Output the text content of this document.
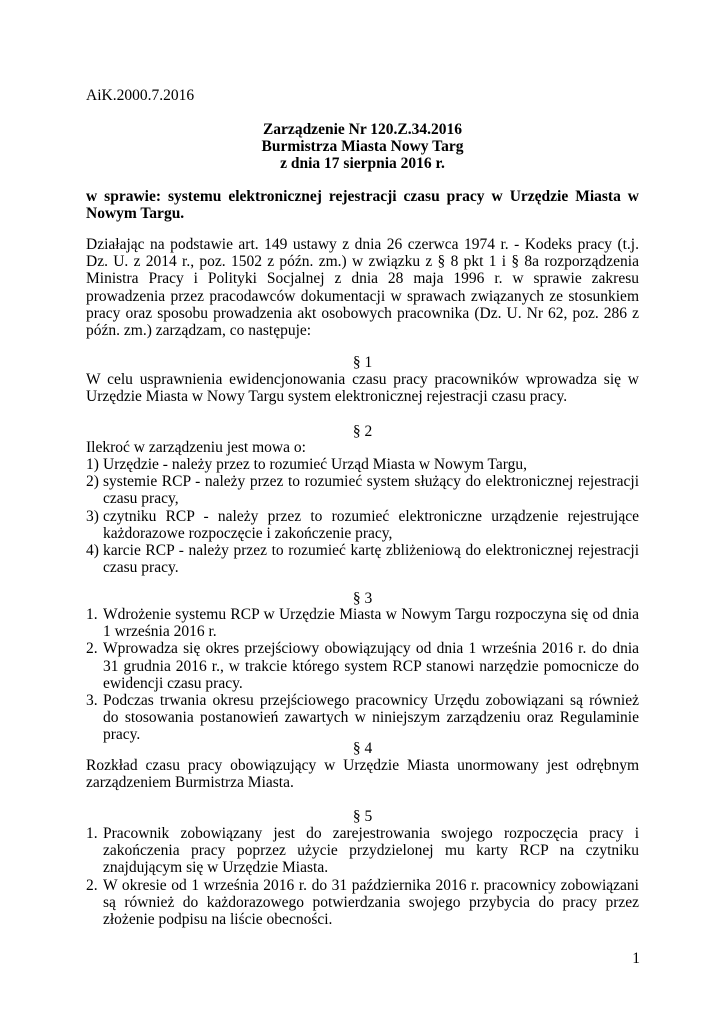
AiK.2000.7.2016
Zarządzenie Nr 120.Z.34.2016
Burmistrza Miasta Nowy Targ
z dnia 17 sierpnia 2016 r.
w sprawie: systemu elektronicznej rejestracji czasu pracy w Urzędzie Miasta w Nowym Targu.
Działając na podstawie art. 149 ustawy z dnia 26 czerwca 1974 r. - Kodeks pracy (t.j. Dz. U. z 2014 r., poz. 1502 z późn. zm.) w związku z § 8 pkt 1 i § 8a rozporządzenia Ministra Pracy i Polityki Socjalnej z dnia 28 maja 1996 r. w sprawie zakresu prowadzenia przez pracodawców dokumentacji w sprawach związanych ze stosunkiem pracy oraz sposobu prowadzenia akt osobowych pracownika (Dz. U. Nr 62, poz. 286 z późn. zm.) zarządzam, co następuje:
§ 1
W celu usprawnienia ewidencjonowania czasu pracy pracowników wprowadza się w Urzędzie Miasta w Nowy Targu system elektronicznej rejestracji czasu pracy.
§ 2
Ilekroć w zarządzeniu jest mowa o:
1) Urzędzie - należy przez to rozumieć Urząd Miasta w Nowym Targu,
2) systemie RCP - należy przez to rozumieć system służący do elektronicznej rejestracji czasu pracy,
3) czytniku RCP - należy przez to rozumieć elektroniczne urządzenie rejestrujące każdorazowe rozpoczęcie i zakończenie pracy,
4) karcie RCP - należy przez to rozumieć kartę zbliżeniową do elektronicznej rejestracji czasu pracy.
§ 3
1. Wdrożenie systemu RCP w Urzędzie Miasta w Nowym Targu rozpoczyna się od dnia 1 września 2016 r.
2. Wprowadza się okres przejściowy obowiązujący od dnia 1 września 2016 r. do dnia 31 grudnia 2016 r., w trakcie którego system RCP stanowi narzędzie pomocnicze do ewidencji czasu pracy.
3. Podczas trwania okresu przejściowego pracownicy Urzędu zobowiązani są również do stosowania postanowień zawartych w niniejszym zarządzeniu oraz Regulaminie pracy.
§ 4
Rozkład czasu pracy obowiązujący w Urzędzie Miasta unormowany jest odrębnym zarządzeniem Burmistrza Miasta.
§ 5
1. Pracownik zobowiązany jest do zarejestrowania swojego rozpoczęcia pracy i zakończenia pracy poprzez użycie przydzielonej mu karty RCP na czytniku znajdującym się w Urzędzie Miasta.
2. W okresie od 1 września 2016 r. do 31 października 2016 r. pracownicy zobowiązani są również do każdorazowego potwierdzania swojego przybycia do pracy przez złożenie podpisu na liście obecności.
1
